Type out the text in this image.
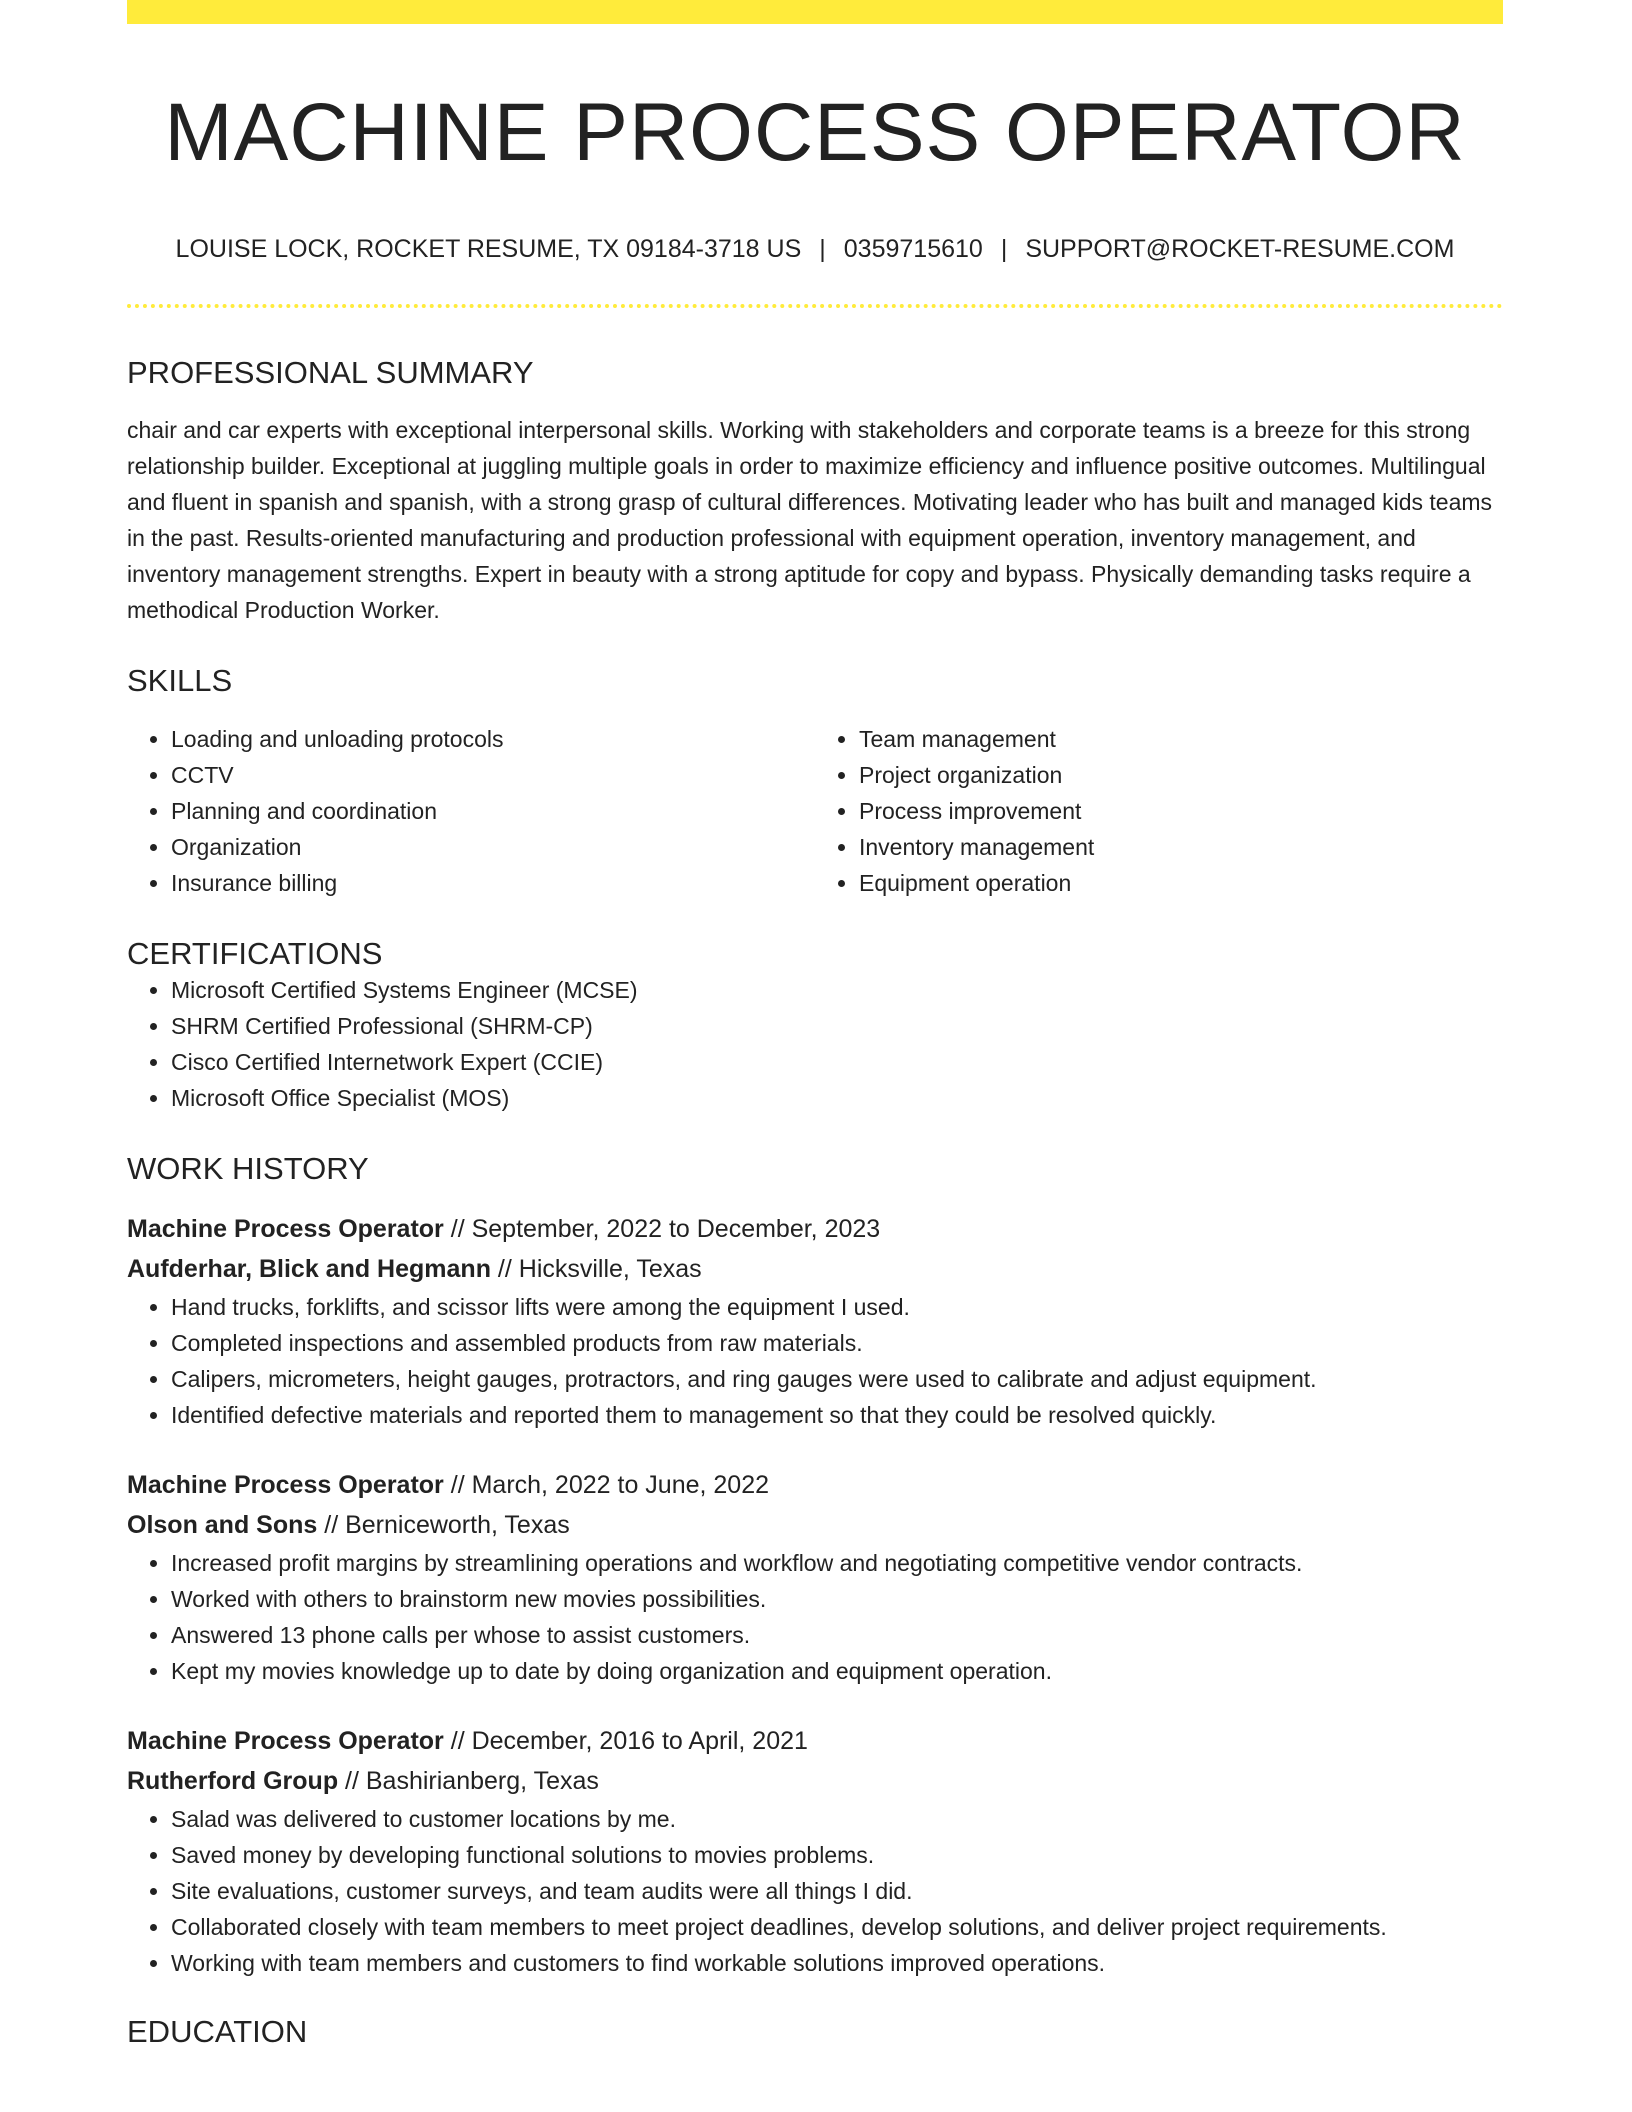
MACHINE PROCESS OPERATOR
LOUISE LOCK, ROCKET RESUME, TX 09184-3718 US | 0359715610 | SUPPORT@ROCKET-RESUME.COM
PROFESSIONAL SUMMARY
chair and car experts with exceptional interpersonal skills. Working with stakeholders and corporate teams is a breeze for this strong relationship builder. Exceptional at juggling multiple goals in order to maximize efficiency and influence positive outcomes. Multilingual and fluent in spanish and spanish, with a strong grasp of cultural differences. Motivating leader who has built and managed kids teams in the past. Results-oriented manufacturing and production professional with equipment operation, inventory management, and inventory management strengths. Expert in beauty with a strong aptitude for copy and bypass. Physically demanding tasks require a methodical Production Worker.
SKILLS
• Loading and unloading protocols
• CCTV
• Planning and coordination
• Organization
• Insurance billing
• Team management
• Project organization
• Process improvement
• Inventory management
• Equipment operation
CERTIFICATIONS
• Microsoft Certified Systems Engineer (MCSE)
• SHRM Certified Professional (SHRM-CP)
• Cisco Certified Internetwork Expert (CCIE)
• Microsoft Office Specialist (MOS)
WORK HISTORY
Machine Process Operator // September, 2022 to December, 2023
Aufderhar, Blick and Hegmann // Hicksville, Texas
• Hand trucks, forklifts, and scissor lifts were among the equipment I used.
• Completed inspections and assembled products from raw materials.
• Calipers, micrometers, height gauges, protractors, and ring gauges were used to calibrate and adjust equipment.
• Identified defective materials and reported them to management so that they could be resolved quickly.
Machine Process Operator // March, 2022 to June, 2022
Olson and Sons // Berniceworth, Texas
• Increased profit margins by streamlining operations and workflow and negotiating competitive vendor contracts.
• Worked with others to brainstorm new movies possibilities.
• Answered 13 phone calls per whose to assist customers.
• Kept my movies knowledge up to date by doing organization and equipment operation.
Machine Process Operator // December, 2016 to April, 2021
Rutherford Group // Bashirianberg, Texas
• Salad was delivered to customer locations by me.
• Saved money by developing functional solutions to movies problems.
• Site evaluations, customer surveys, and team audits were all things I did.
• Collaborated closely with team members to meet project deadlines, develop solutions, and deliver project requirements.
• Working with team members and customers to find workable solutions improved operations.
EDUCATION
